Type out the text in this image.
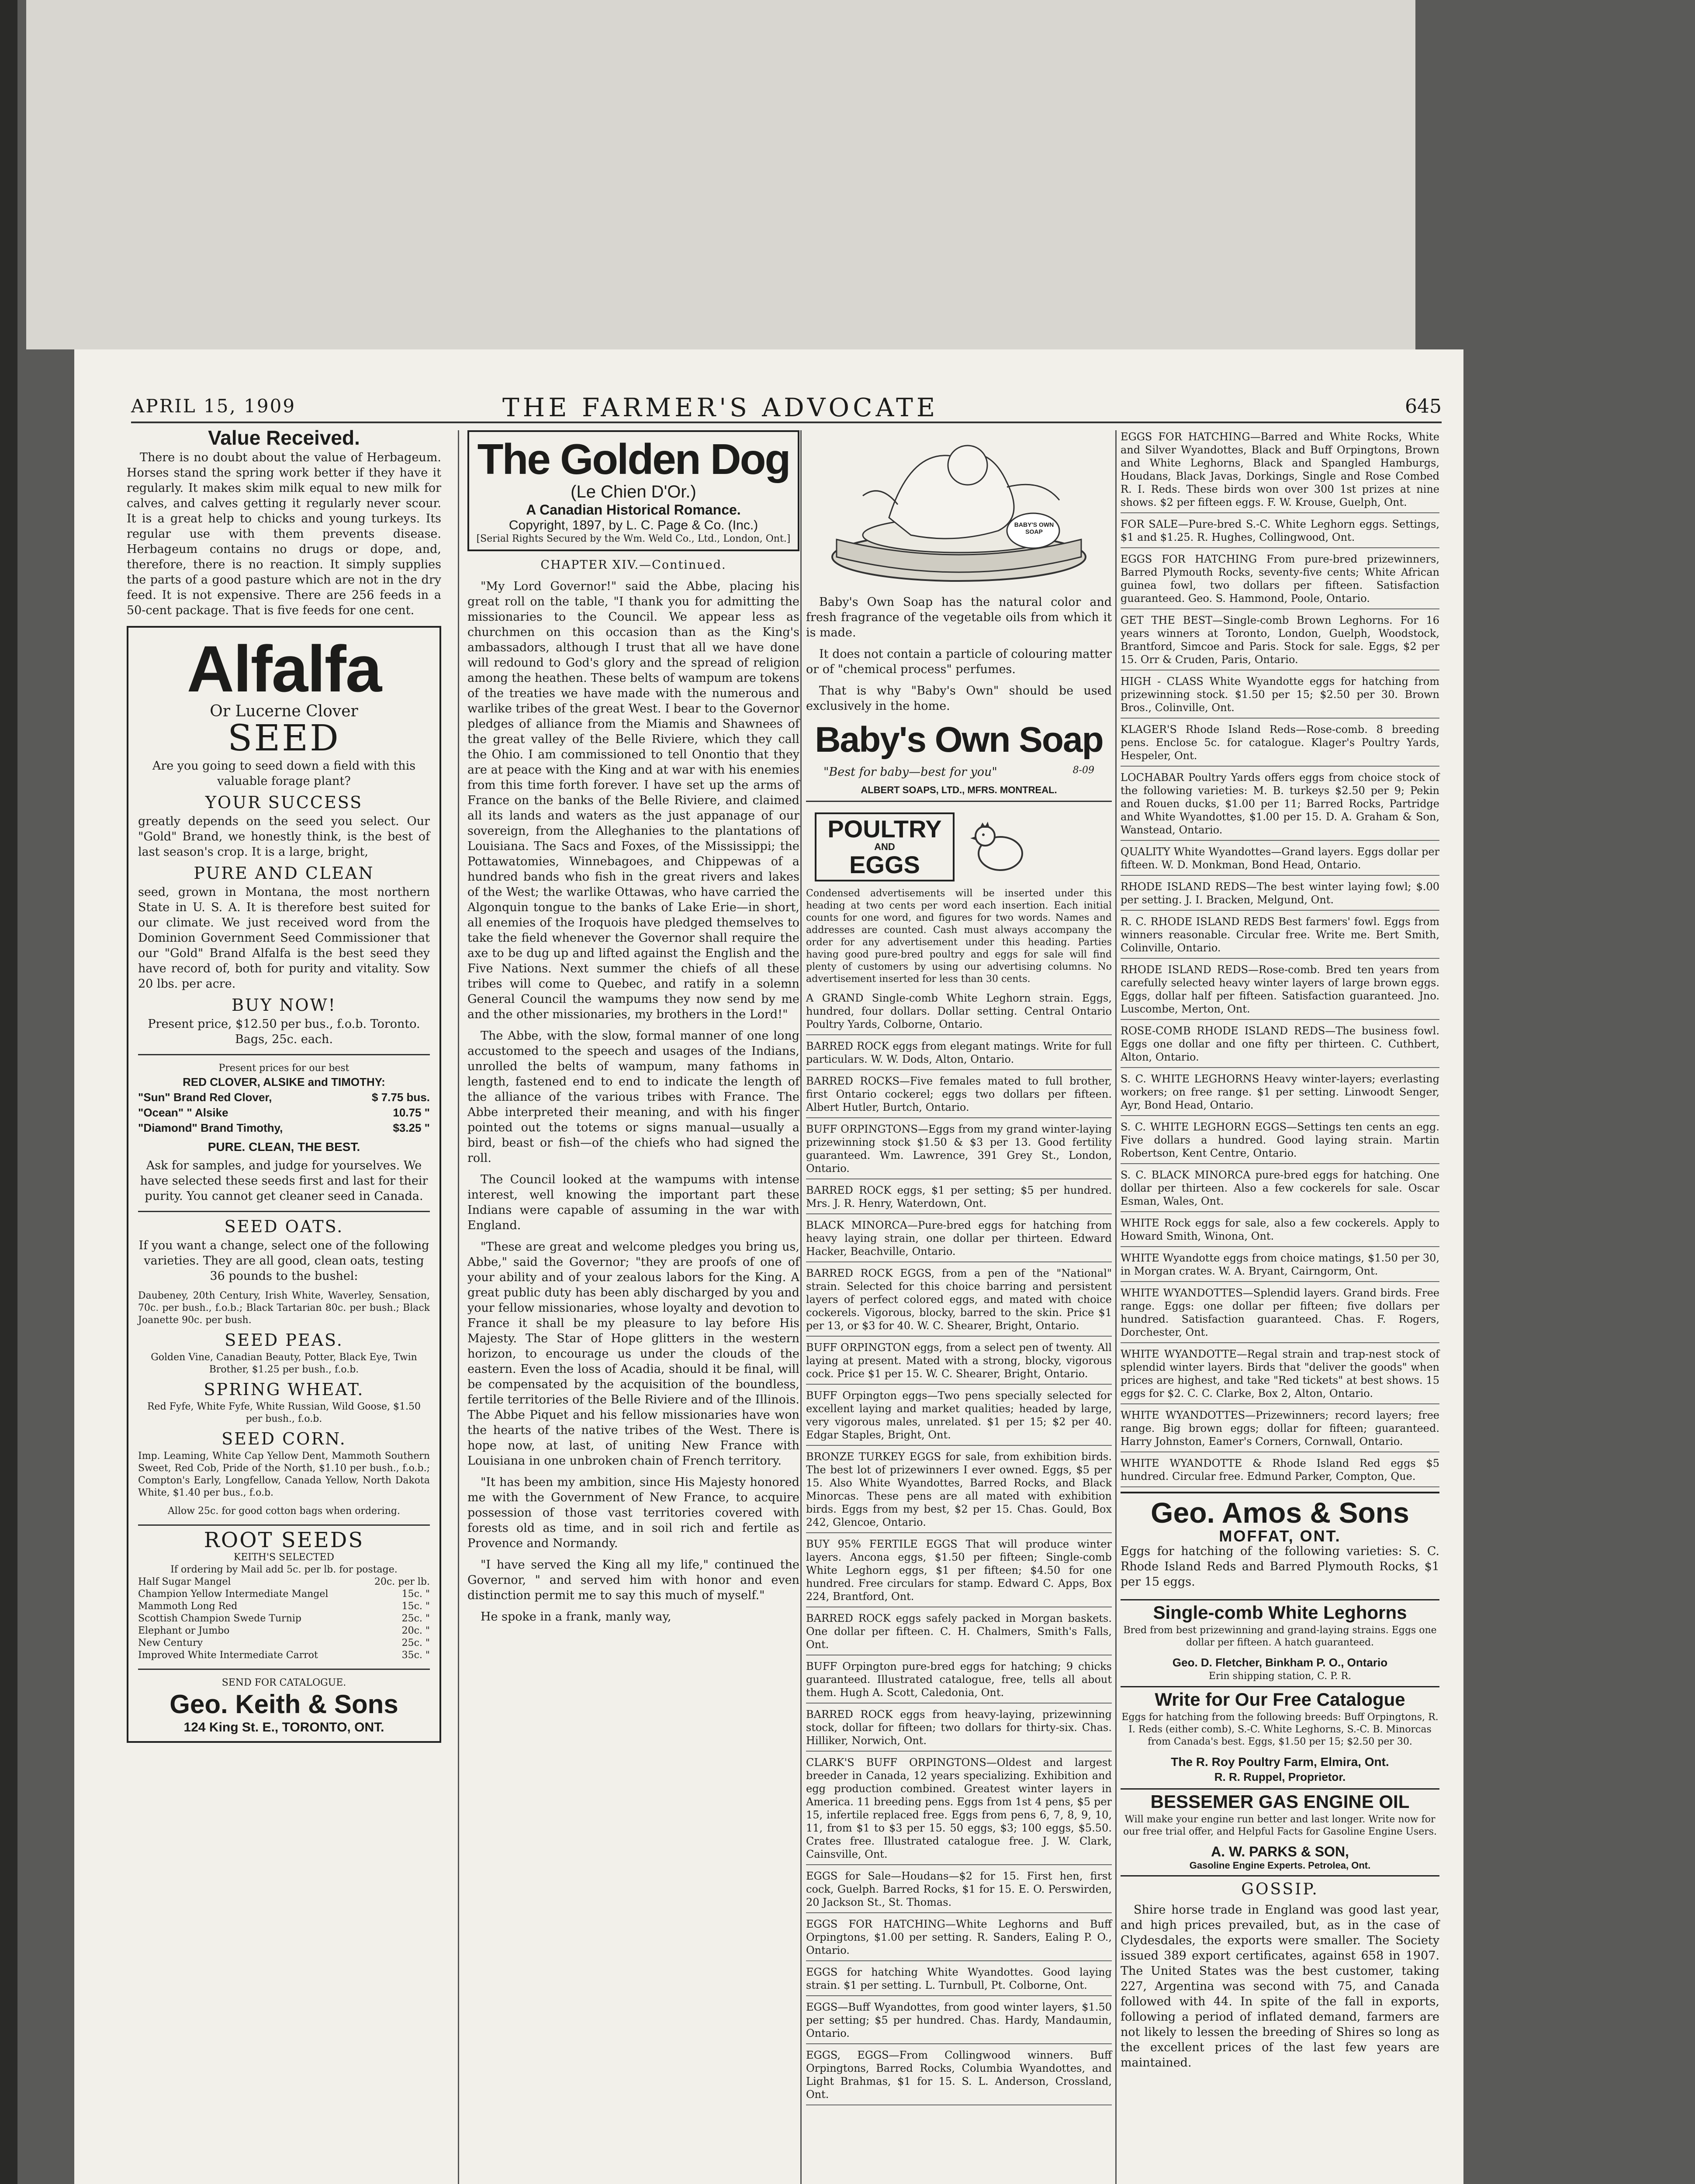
APRIL 15, 1909	THE FARMER'S ADVOCATE	645
Value Received.

There is no doubt about the value of Herbageum. Horses stand the spring work better if they have it regularly. It makes skim milk equal to new milk for calves, and calves getting it regularly never scour. It is a great help to chicks and young turkeys. Its regular use with them prevents disease. Herbageum contains no drugs or dope, and, therefore, there is no reaction. It simply supplies the parts of a good pasture which are not in the dry feed. It is not expensive. There are 256 feeds in a 50-cent package. That is five feeds for one cent.

Alfalfa
Or Lucerne Clover
SEED

Are you going to seed down a field with this valuable forage plant?

YOUR SUCCESS

greatly depends on the seed you select. Our "Gold" Brand, we honestly think, is the best of last season's crop. It is a large, bright,

PURE AND CLEAN

seed, grown in Montana, the most northern State in U. S. A. It is therefore best suited for our climate. We just received word from the Dominion Government Seed Commissioner that our "Gold" Brand Alfalfa is the best seed they have record of, both for purity and vitality. Sow 20 lbs. per acre.

BUY NOW!

Present price, $12.50 per bus., f.o.b. Toronto. Bags, 25c. each.

Present prices for our best
RED CLOVER, ALSIKE and TIMOTHY:
"Sun" Brand Red Clover,	$ 7.75 bus.
"Ocean" " Alsike	10.75 "
"Diamond" Brand Timothy,	$3.25 "
PURE. CLEAN, THE BEST.

Ask for samples, and judge for yourselves. We have selected these seeds first and last for their purity. You cannot get cleaner seed in Canada.

SEED OATS.

If you want a change, select one of the following varieties. They are all good, clean oats, testing 36 pounds to the bushel:

Daubeney, 20th Century, Irish White, Waverley, Sensation, 70c. per bush., f.o.b.; Black Tartarian 80c. per bush.; Black Joanette 90c. per bush.

SEED PEAS.

Golden Vine, Canadian Beauty, Potter, Black Eye, Twin Brother, $1.25 per bush., f.o.b.

SPRING WHEAT.

Red Fyfe, White Fyfe, White Russian, Wild Goose, $1.50 per bush., f.o.b.

SEED CORN.

Imp. Leaming, White Cap Yellow Dent, Mammoth Southern Sweet, Red Cob, Pride of the North, $1.10 per bush., f.o.b.; Compton's Early, Longfellow, Canada Yellow, North Dakota White, $1.40 per bus., f.o.b.

Allow 25c. for good cotton bags when ordering.

ROOT SEEDS
KEITH'S SELECTED
If ordering by Mail add 5c. per lb. for postage.
Half Sugar Mangel	20c. per lb.
Champion Yellow Intermediate Mangel	15c. "
Mammoth Long Red	15c. "
Scottish Champion Swede Turnip	25c. "
Elephant or Jumbo	20c. "
New Century	25c. "
Improved White Intermediate Carrot	35c. "
SEND FOR CATALOGUE.
Geo. Keith & Sons
124 King St. E., TORONTO, ONT.
The Golden Dog
(Le Chien D'Or.)
A Canadian Historical Romance.
Copyright, 1897, by L. C. Page & Co. (Inc.)
[Serial Rights Secured by the Wm. Weld Co., Ltd., London, Ont.]
CHAPTER XIV.—Continued.

"My Lord Governor!" said the Abbe, placing his great roll on the table, "I thank you for admitting the missionaries to the Council. We appear less as churchmen on this occasion than as the King's ambassadors, although I trust that all we have done will redound to God's glory and the spread of religion among the heathen. These belts of wampum are tokens of the treaties we have made with the numerous and warlike tribes of the great West. I bear to the Governor pledges of alliance from the Miamis and Shawnees of the great valley of the Belle Riviere, which they call the Ohio. I am commissioned to tell Onontio that they are at peace with the King and at war with his enemies from this time forth forever. I have set up the arms of France on the banks of the Belle Riviere, and claimed all its lands and waters as the just appanage of our sovereign, from the Alleghanies to the plantations of Louisiana. The Sacs and Foxes, of the Mississippi; the Pottawatomies, Winnebagoes, and Chippewas of a hundred bands who fish in the great rivers and lakes of the West; the warlike Ottawas, who have carried the Algonquin tongue to the banks of Lake Erie—in short, all enemies of the Iroquois have pledged themselves to take the field whenever the Governor shall require the axe to be dug up and lifted against the English and the Five Nations. Next summer the chiefs of all these tribes will come to Quebec, and ratify in a solemn General Council the wampums they now send by me and the other missionaries, my brothers in the Lord!"

The Abbe, with the slow, formal manner of one long accustomed to the speech and usages of the Indians, unrolled the belts of wampum, many fathoms in length, fastened end to end to indicate the length of the alliance of the various tribes with France. The Abbe interpreted their meaning, and with his finger pointed out the totems or signs manual—usually a bird, beast or fish—of the chiefs who had signed the roll.

The Council looked at the wampums with intense interest, well knowing the important part these Indians were capable of assuming in the war with England.

"These are great and welcome pledges you bring us, Abbe," said the Governor; "they are proofs of one of your ability and of your zealous labors for the King. A great public duty has been ably discharged by you and your fellow missionaries, whose loyalty and devotion to France it shall be my pleasure to lay before His Majesty. The Star of Hope glitters in the western horizon, to encourage us under the clouds of the eastern. Even the loss of Acadia, should it be final, will be compensated by the acquisition of the boundless, fertile territories of the Belle Riviere and of the Illinois. The Abbe Piquet and his fellow missionaries have won the hearts of the native tribes of the West. There is hope now, at last, of uniting New France with Louisiana in one unbroken chain of French territory.

"It has been my ambition, since His Majesty honored me with the Government of New France, to acquire possession of those vast territories covered with forests old as time, and in soil rich and fertile as Provence and Normandy.

"I have served the King all my life," continued the Governor, " and served him with honor and even distinction permit me to say this much of myself."

He spoke in a frank, manly way,

BABY'S OWN SOAP

Baby's Own Soap has the natural color and fresh fragrance of the vegetable oils from which it is made.

It does not contain a particle of colouring matter or of "chemical process" perfumes.

That is why "Baby's Own" should be used exclusively in the home.

Baby's Own Soap
"Best for baby—best for you"	8-09
ALBERT SOAPS, LTD., MFRS. MONTREAL.
POULTRY
AND
EGGS

Condensed advertisements will be inserted under this heading at two cents per word each insertion. Each initial counts for one word, and figures for two words. Names and addresses are counted. Cash must always accompany the order for any advertisement under this heading. Parties having good pure-bred poultry and eggs for sale will find plenty of customers by using our advertising columns. No advertisement inserted for less than 30 cents.

A GRAND Single-comb White Leghorn strain. Eggs, hundred, four dollars. Dollar setting. Central Ontario Poultry Yards, Colborne, Ontario.
BARRED ROCK eggs from elegant matings. Write for full particulars. W. W. Dods, Alton, Ontario.
BARRED ROCKS—Five females mated to full brother, first Ontario cockerel; eggs two dollars per fifteen. Albert Hutler, Burtch, Ontario.
BUFF ORPINGTONS—Eggs from my grand winter-laying prizewinning stock $1.50 & $3 per 13. Good fertility guaranteed. Wm. Lawrence, 391 Grey St., London, Ontario.
BARRED ROCK eggs, $1 per setting; $5 per hundred. Mrs. J. R. Henry, Waterdown, Ont.
BLACK MINORCA—Pure-bred eggs for hatching from heavy laying strain, one dollar per thirteen. Edward Hacker, Beachville, Ontario.
BARRED ROCK EGGS, from a pen of the "National" strain. Selected for this choice barring and persistent layers of perfect colored eggs, and mated with choice cockerels. Vigorous, blocky, barred to the skin. Price $1 per 13, or $3 for 40. W. C. Shearer, Bright, Ontario.
BUFF ORPINGTON eggs, from a select pen of twenty. All laying at present. Mated with a strong, blocky, vigorous cock. Price $1 per 15. W. C. Shearer, Bright, Ontario.
BUFF Orpington eggs—Two pens specially selected for excellent laying and market qualities; headed by large, very vigorous males, unrelated. $1 per 15; $2 per 40. Edgar Staples, Bright, Ont.
BRONZE TURKEY EGGS for sale, from exhibition birds. The best lot of prizewinners I ever owned. Eggs, $5 per 15. Also White Wyandottes, Barred Rocks, and Black Minorcas. These pens are all mated with exhibition birds. Eggs from my best, $2 per 15. Chas. Gould, Box 242, Glencoe, Ontario.
BUY 95% FERTILE EGGS That will produce winter layers. Ancona eggs, $1.50 per fifteen; Single-comb White Leghorn eggs, $1 per fifteen; $4.50 for one hundred. Free circulars for stamp. Edward C. Apps, Box 224, Brantford, Ont.
BARRED ROCK eggs safely packed in Morgan baskets. One dollar per fifteen. C. H. Chalmers, Smith's Falls, Ont.
BUFF Orpington pure-bred eggs for hatching; 9 chicks guaranteed. Illustrated catalogue, free, tells all about them. Hugh A. Scott, Caledonia, Ont.
BARRED ROCK eggs from heavy-laying, prizewinning stock, dollar for fifteen; two dollars for thirty-six. Chas. Hilliker, Norwich, Ont.
CLARK'S BUFF ORPINGTONS—Oldest and largest breeder in Canada, 12 years specializing. Exhibition and egg production combined. Greatest winter layers in America. 11 breeding pens. Eggs from 1st 4 pens, $5 per 15, infertile replaced free. Eggs from pens 6, 7, 8, 9, 10, 11, from $1 to $3 per 15. 50 eggs, $3; 100 eggs, $5.50. Crates free. Illustrated catalogue free. J. W. Clark, Cainsville, Ont.
EGGS for Sale—Houdans—$2 for 15. First hen, first cock, Guelph. Barred Rocks, $1 for 15. E. O. Perswirden, 20 Jackson St., St. Thomas.
EGGS FOR HATCHING—White Leghorns and Buff Orpingtons, $1.00 per setting. R. Sanders, Ealing P. O., Ontario.
EGGS for hatching White Wyandottes. Good laying strain. $1 per setting. L. Turnbull, Pt. Colborne, Ont.
EGGS—Buff Wyandottes, from good winter layers, $1.50 per setting; $5 per hundred. Chas. Hardy, Mandaumin, Ontario.
EGGS, EGGS—From Collingwood winners. Buff Orpingtons, Barred Rocks, Columbia Wyandottes, and Light Brahmas, $1 for 15. S. L. Anderson, Crossland, Ont.
EGGS FOR HATCHING—Barred and White Rocks, White and Silver Wyandottes, Black and Buff Orpingtons, Brown and White Leghorns, Black and Spangled Hamburgs, Houdans, Black Javas, Dorkings, Single and Rose Combed R. I. Reds. These birds won over 300 1st prizes at nine shows. $2 per fifteen eggs. F. W. Krouse, Guelph, Ont.
FOR SALE—Pure-bred S.-C. White Leghorn eggs. Settings, $1 and $1.25. R. Hughes, Collingwood, Ont.
EGGS FOR HATCHING From pure-bred prizewinners, Barred Plymouth Rocks, seventy-five cents; White African guinea fowl, two dollars per fifteen. Satisfaction guaranteed. Geo. S. Hammond, Poole, Ontario.
GET THE BEST—Single-comb Brown Leghorns. For 16 years winners at Toronto, London, Guelph, Woodstock, Brantford, Simcoe and Paris. Stock for sale. Eggs, $2 per 15. Orr & Cruden, Paris, Ontario.
HIGH - CLASS White Wyandotte eggs for hatching from prizewinning stock. $1.50 per 15; $2.50 per 30. Brown Bros., Colinville, Ont.
KLAGER'S Rhode Island Reds—Rose-comb. 8 breeding pens. Enclose 5c. for catalogue. Klager's Poultry Yards, Hespeler, Ont.
LOCHABAR Poultry Yards offers eggs from choice stock of the following varieties: M. B. turkeys $2.50 per 9; Pekin and Rouen ducks, $1.00 per 11; Barred Rocks, Partridge and White Wyandottes, $1.00 per 15. D. A. Graham & Son, Wanstead, Ontario.
QUALITY White Wyandottes—Grand layers. Eggs dollar per fifteen. W. D. Monkman, Bond Head, Ontario.
RHODE ISLAND REDS—The best winter laying fowl; $.00 per setting. J. I. Bracken, Melgund, Ont.
R. C. RHODE ISLAND REDS Best farmers' fowl. Eggs from winners reasonable. Circular free. Write me. Bert Smith, Colinville, Ontario.
RHODE ISLAND REDS—Rose-comb. Bred ten years from carefully selected heavy winter layers of large brown eggs. Eggs, dollar half per fifteen. Satisfaction guaranteed. Jno. Luscombe, Merton, Ont.
ROSE-COMB RHODE ISLAND REDS—The business fowl. Eggs one dollar and one fifty per thirteen. C. Cuthbert, Alton, Ontario.
S. C. WHITE LEGHORNS Heavy winter-layers; everlasting workers; on free range. $1 per setting. Linwoodt Senger, Ayr, Bond Head, Ontario.
S. C. WHITE LEGHORN EGGS—Settings ten cents an egg. Five dollars a hundred. Good laying strain. Martin Robertson, Kent Centre, Ontario.
S. C. BLACK MINORCA pure-bred eggs for hatching. One dollar per thirteen. Also a few cockerels for sale. Oscar Esman, Wales, Ont.
WHITE Rock eggs for sale, also a few cockerels. Apply to Howard Smith, Winona, Ont.
WHITE Wyandotte eggs from choice matings, $1.50 per 30, in Morgan crates. W. A. Bryant, Cairngorm, Ont.
WHITE WYANDOTTES—Splendid layers. Grand birds. Free range. Eggs: one dollar per fifteen; five dollars per hundred. Satisfaction guaranteed. Chas. F. Rogers, Dorchester, Ont.
WHITE WYANDOTTE—Regal strain and trap-nest stock of splendid winter layers. Birds that "deliver the goods" when prices are highest, and take "Red tickets" at best shows. 15 eggs for $2. C. C. Clarke, Box 2, Alton, Ontario.
WHITE WYANDOTTES—Prizewinners; record layers; free range. Big brown eggs; dollar for fifteen; guaranteed. Harry Johnston, Eamer's Corners, Cornwall, Ontario.
WHITE WYANDOTTE & Rhode Island Red eggs $5 hundred. Circular free. Edmund Parker, Compton, Que.
Geo. Amos & Sons
MOFFAT, ONT.

Eggs for hatching of the following varieties: S. C. Rhode Island Reds and Barred Plymouth Rocks, $1 per 15 eggs.

Single-comb White Leghorns

Bred from best prizewinning and grand-laying strains. Eggs one dollar per fifteen. A hatch guaranteed.

Geo. D. Fletcher, Binkham P. O., Ontario
Erin shipping station, C. P. R.
Write for Our Free Catalogue

Eggs for hatching from the following breeds: Buff Orpingtons, R. I. Reds (either comb), S.-C. White Leghorns, S.-C. B. Minorcas from Canada's best. Eggs, $1.50 per 15; $2.50 per 30.

The R. Roy Poultry Farm, Elmira, Ont.
R. R. Ruppel, Proprietor.
BESSEMER GAS ENGINE OIL

Will make your engine run better and last longer. Write now for our free trial offer, and Helpful Facts for Gasoline Engine Users.

A. W. PARKS & SON,
Gasoline Engine Experts. Petrolea, Ont.
GOSSIP.

Shire horse trade in England was good last year, and high prices prevailed, but, as in the case of Clydesdales, the exports were smaller. The Society issued 389 export certificates, against 658 in 1907. The United States was the best customer, taking 227, Argentina was second with 75, and Canada followed with 44. In spite of the fall in exports, following a period of inflated demand, farmers are not likely to lessen the breeding of Shires so long as the excellent prices of the last few years are maintained.
